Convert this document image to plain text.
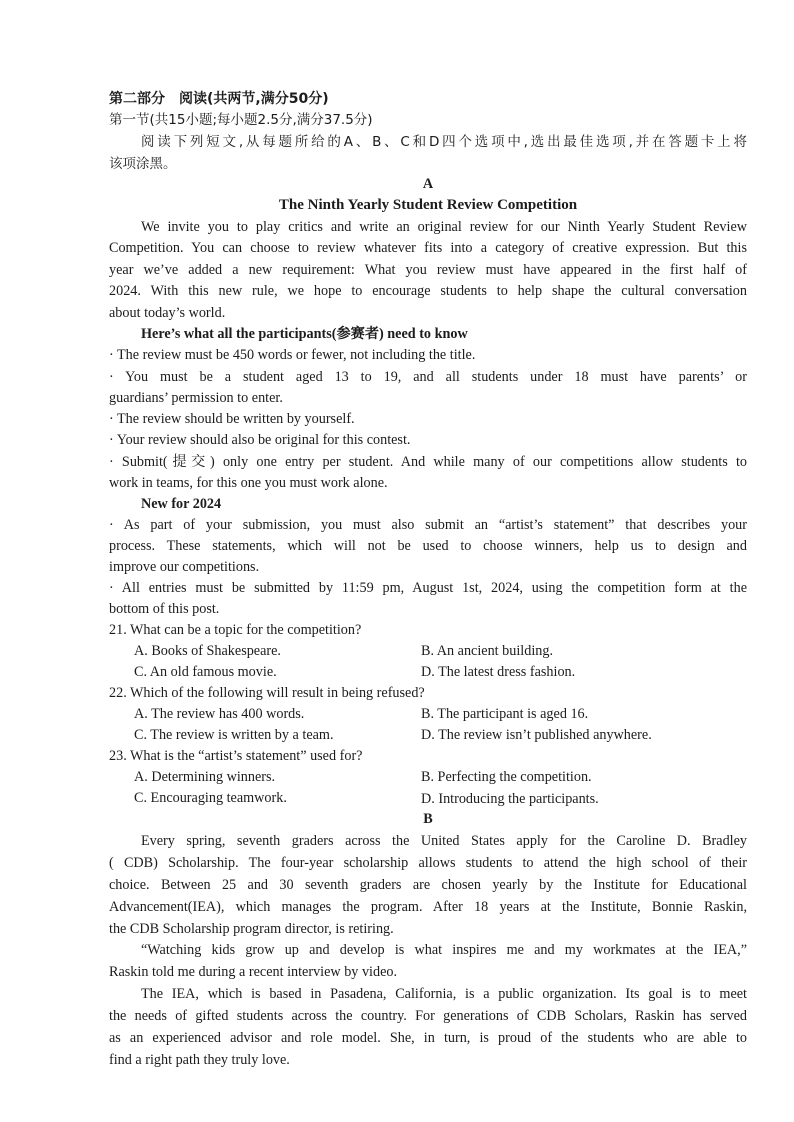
第二部分　阅读(共两节,满分50分)
第一节(共15小题;每小题2.5分,满分37.5分)
阅读下列短文,从每题所给的A、B、C和D四个选项中,选出最佳选项,并在答题卡上将
该项涂黑。
A
The Ninth Yearly Student Review Competition
We invite you to play critics and write an original review for our Ninth Yearly Student Review
Competition. You can choose to review whatever fits into a category of creative expression. But this
year we’ve added a new requirement: What you review must have appeared in the first half of
2024. With this new rule, we hope to encourage students to help shape the cultural conversation
about today’s world.
Here’s what all the participants(参赛者) need to know
· The review must be 450 words or fewer, not including the title.
· You must be a student aged 13 to 19, and all students under 18 must have parents’ or
guardians’ permission to enter.
· The review should be written by yourself.
· Your review should also be original for this contest.
· Submit(提交) only one entry per student. And while many of our competitions allow students to
work in teams, for this one you must work alone.
New for 2024
· As part of your submission, you must also submit an “artist’s statement” that describes your
process. These statements, which will not be used to choose winners, help us to design and
improve our competitions.
· All entries must be submitted by 11:59 pm, August 1st, 2024, using the competition form at the
bottom of this post.
21. What can be a topic for the competition?
A. Books of Shakespeare.	B. An ancient building.
C. An old famous movie.	D. The latest dress fashion.
22. Which of the following will result in being refused?
A. The review has 400 words.	B. The participant is aged 16.
C. The review is written by a team.	D. The review isn’t published anywhere.
23. What is the “artist’s statement” used for?
A. Determining winners.	B. Perfecting the competition.
C. Encouraging teamwork.	D. Introducing the participants.
B
Every spring, seventh graders across the United States apply for the Caroline D. Bradley
( CDB) Scholarship. The four-year scholarship allows students to attend the high school of their
choice. Between 25 and 30 seventh graders are chosen yearly by the Institute for Educational
Advancement(IEA), which manages the program. After 18 years at the Institute, Bonnie Raskin,
the CDB Scholarship program director, is retiring.
“Watching kids grow up and develop is what inspires me and my workmates at the IEA,”
Raskin told me during a recent interview by video.
The IEA, which is based in Pasadena, California, is a public organization. Its goal is to meet
the needs of gifted students across the country. For generations of CDB Scholars, Raskin has served
as an experienced advisor and role model. She, in turn, is proud of the students who are able to
find a right path they truly love.
